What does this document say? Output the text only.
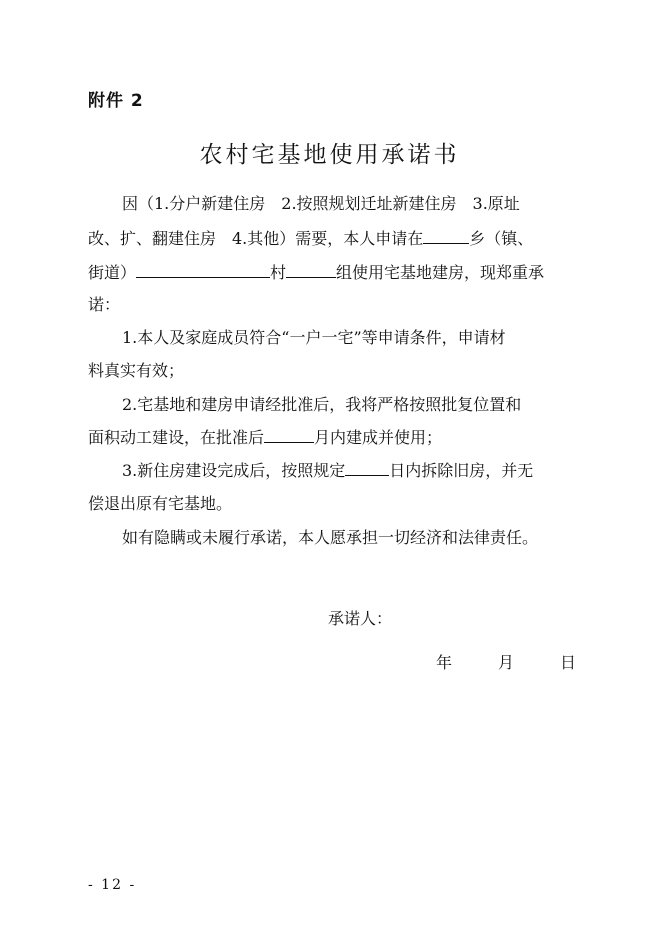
附件 2
农村宅基地使用承诺书
因（1.分户新建住房　2.按照规划迁址新建住房　3.原址
改、扩、翻建住房　4.其他）需要，本人申请在	乡（镇、
街道）	村	组使用宅基地建房，现郑重承
诺：
1.本人及家庭成员符合“一户一宅”等申请条件，申请材
料真实有效；
2.宅基地和建房申请经批准后，我将严格按照批复位置和
面积动工建设，在批准后	月内建成并使用；
3.新住房建设完成后，按照规定	日内拆除旧房，并无
偿退出原有宅基地。
如有隐瞒或未履行承诺，本人愿承担一切经济和法律责任。
承诺人：
年	月	日
- 12 -
